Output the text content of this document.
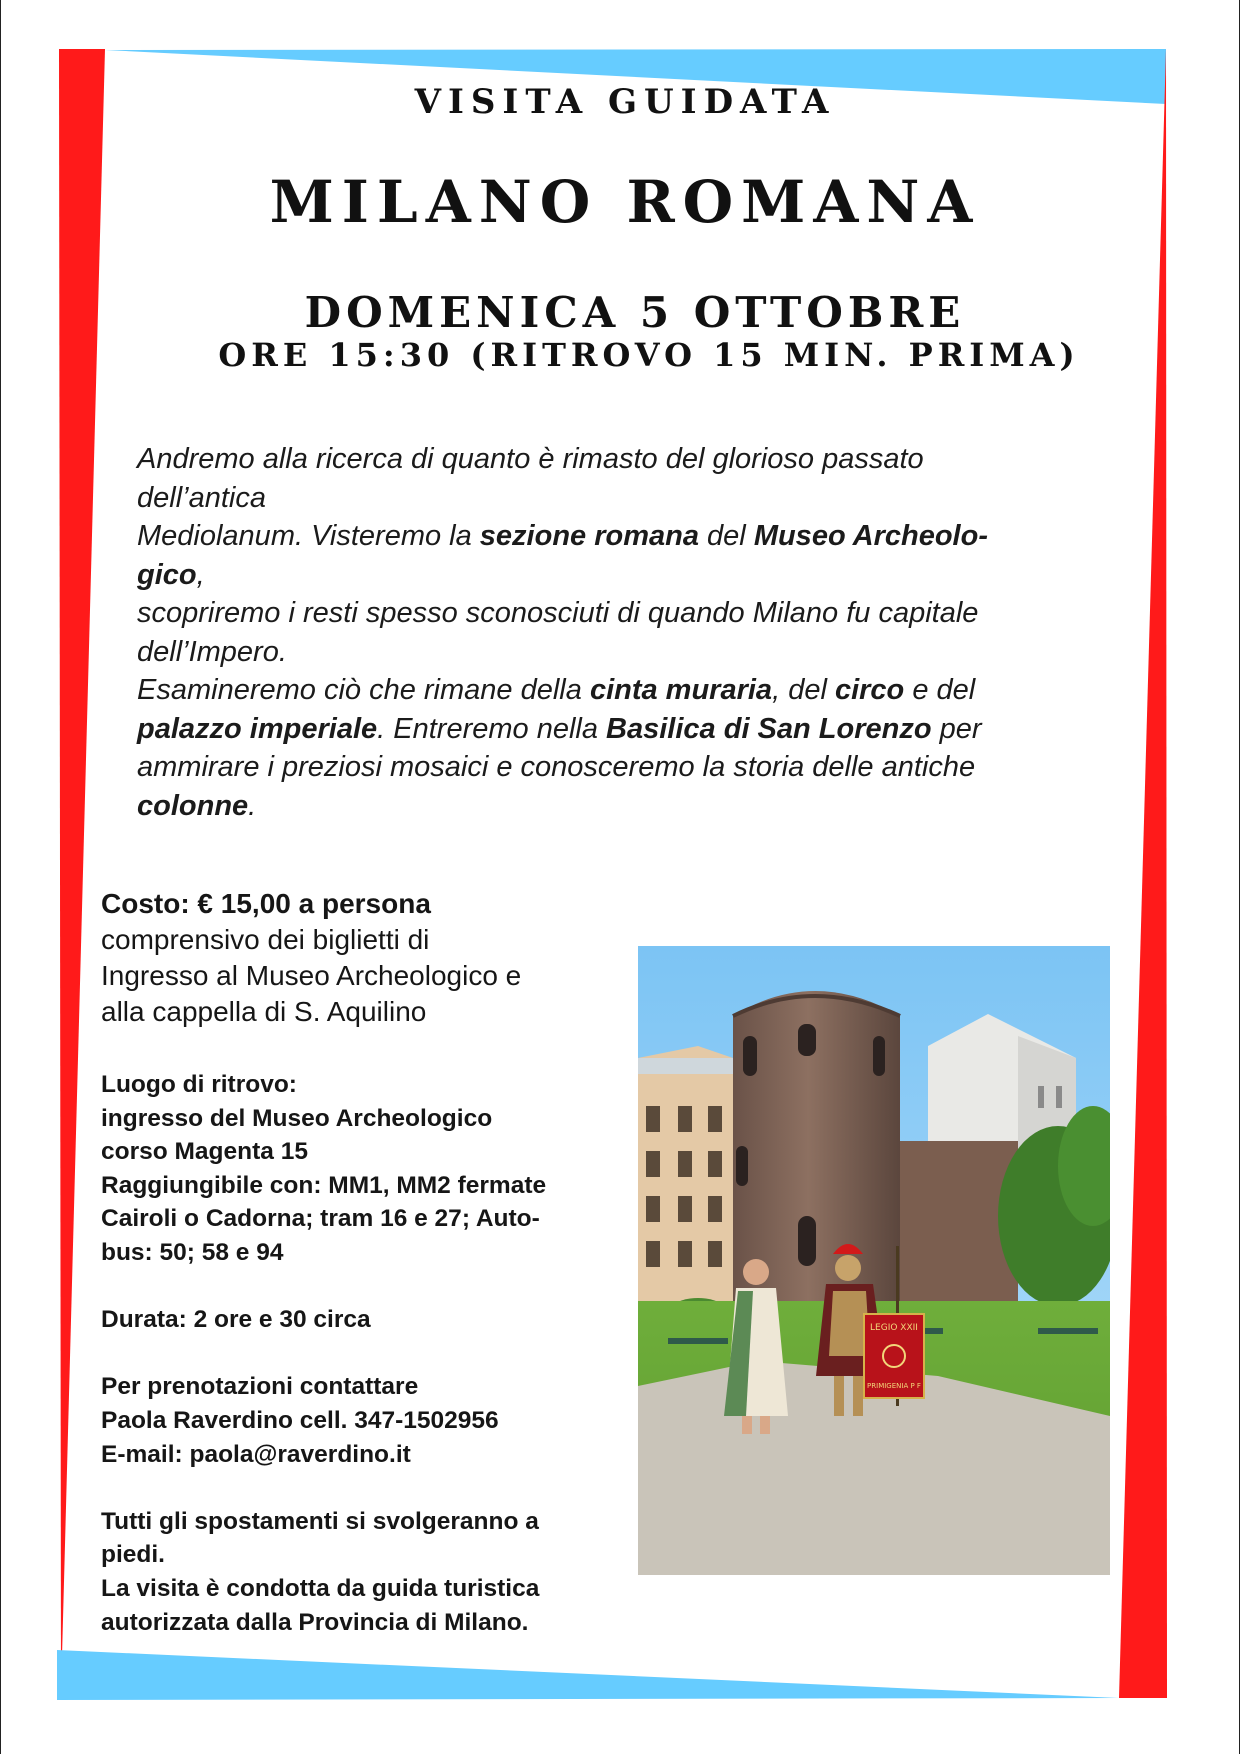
VISITA GUIDATA
MILANO ROMANA
DOMENICA 5 OTTOBRE
ORE 15:30 (RITROVO 15 MIN. PRIMA)

Andremo alla ricerca di quanto è rimasto del glorioso passato

dell’antica

Mediolanum. Visteremo la sezione romana del Museo Archeolo-

gico,

scopriremo i resti spesso sconosciuti di quando Milano fu capitale

dell’Impero.

Esamineremo ciò che rimane della cinta muraria, del circo e del

palazzo imperiale. Entreremo nella Basilica di San Lorenzo per

ammirare i preziosi mosaici e conosceremo la storia delle antiche

colonne.

Costo: € 15,00 a persona
comprensivo dei biglietti di
Ingresso al Museo Archeologico e
alla cappella di S. Aquilino
Luogo di ritrovo:
ingresso del Museo Archeologico
corso Magenta 15
Raggiungibile con: MM1, MM2 fermate
Cairoli o Cadorna; tram 16 e 27; Auto-
bus: 50; 58 e 94
Durata: 2 ore e 30 circa
Per prenotazioni contattare
Paola Raverdino cell. 347-1502956
E-mail: paola@raverdino.it
Tutti gli spostamenti si svolgeranno a
piedi.
La visita è condotta da guida turistica
autorizzata dalla Provincia di Milano.
LEGIO XXII
PRIMIGENIA P F
